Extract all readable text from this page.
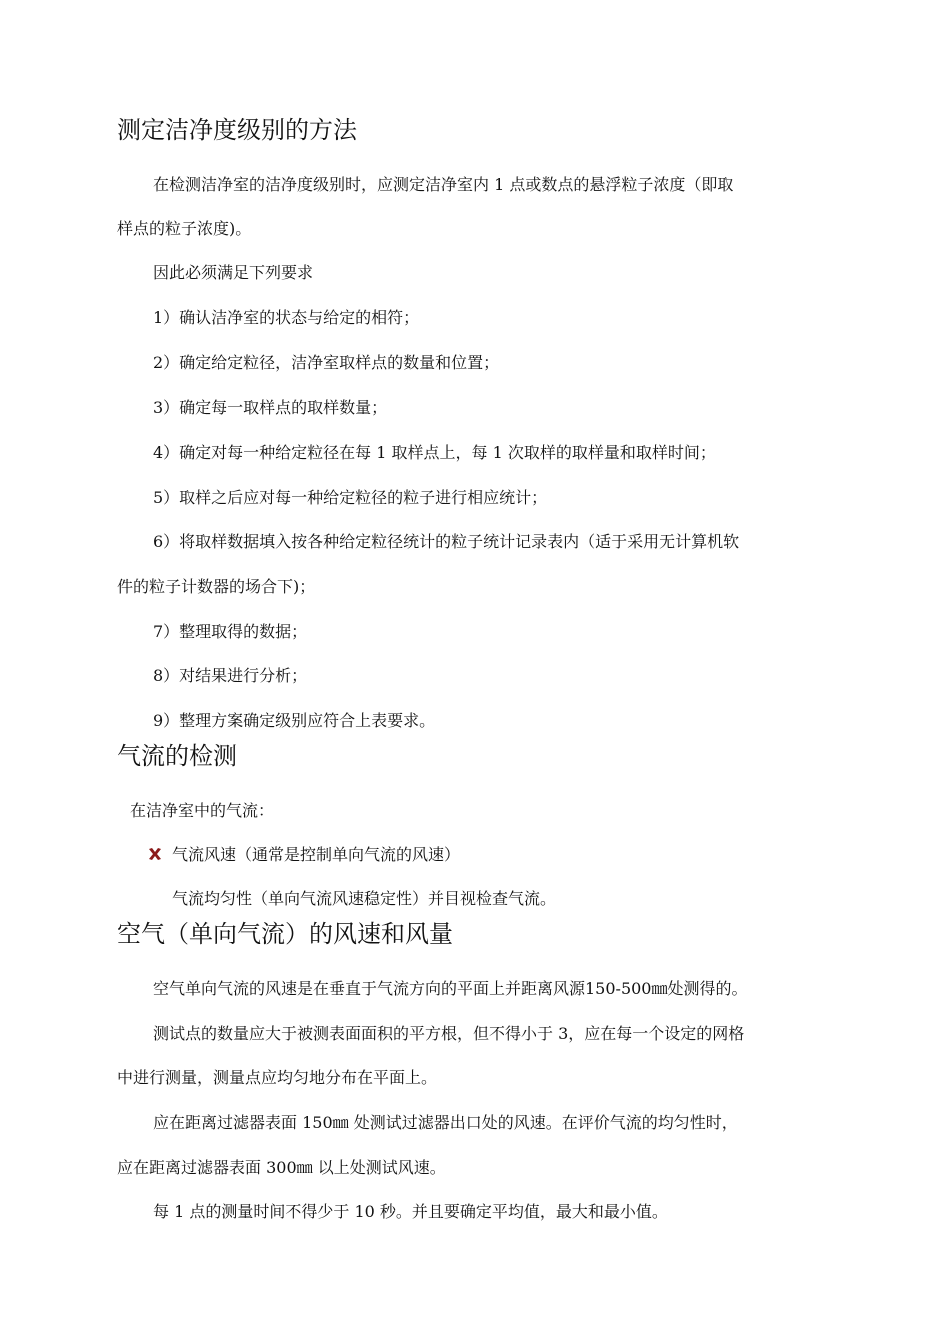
测定洁净度级别的方法
在检测洁净室的洁净度级别时，应测定洁净室内 1 点或数点的悬浮粒子浓度（即取
样点的粒子浓度)。
因此必须满足下列要求
1）确认洁净室的状态与给定的相符；
2）确定给定粒径，洁净室取样点的数量和位置；
3）确定每一取样点的取样数量；
4）确定对每一种给定粒径在每 1 取样点上，每 1 次取样的取样量和取样时间；
5）取样之后应对每一种给定粒径的粒子进行相应统计；
6）将取样数据填入按各种给定粒径统计的粒子统计记录表内（适于采用无计算机软
件的粒子计数器的场合下)；
7）整理取得的数据；
8）对结果进行分析；
9）整理方案确定级别应符合上表要求。
气流的检测
在洁净室中的气流：
气流风速（通常是控制单向气流的风速）
气流均匀性（单向气流风速稳定性）并目视检查气流。
空气（单向气流）的风速和风量
空气单向气流的风速是在垂直于气流方向的平面上并距离风源150-500㎜处测得的。
测试点的数量应大于被测表面面积的平方根，但不得小于 3，应在每一个设定的网格
中进行测量，测量点应均匀地分布在平面上。
应在距离过滤器表面 150㎜ 处测试过滤器出口处的风速。在评价气流的均匀性时，
应在距离过滤器表面 300㎜ 以上处测试风速。
每 1 点的测量时间不得少于 10 秒。并且要确定平均值，最大和最小值。
